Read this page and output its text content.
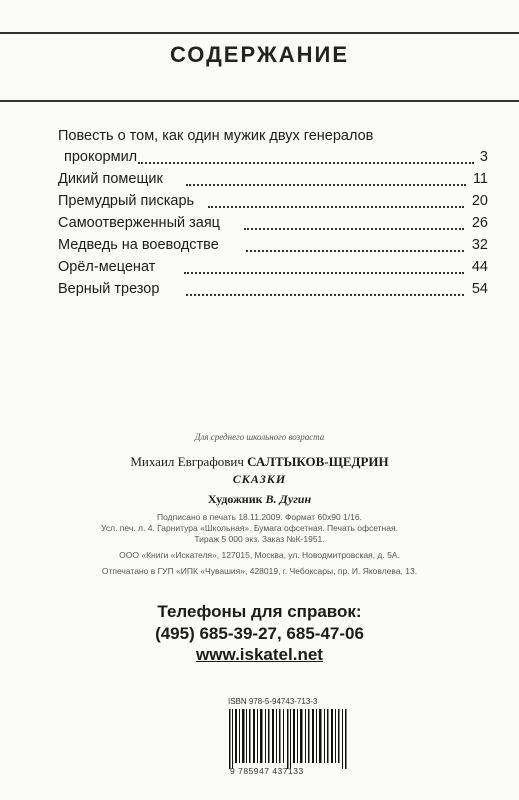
СОДЕРЖАНИЕ
Повесть о том, как один мужик двух генералов
прокормил	3
Дикий помещик	11
Премудрый пискарь	20
Самоотверженный заяц	26
Медведь на воеводстве	32
Орёл-меценат	44
Верный трезор	54
Для среднего школьного возраста
Михаил Евграфович САЛТЫКОВ-ЩЕДРИН
СКАЗКИ
Художник В. Дугин
Подписано в печать 18.11.2009. Формат 60x90 1/16.
Усл. печ. л. 4. Гарнитура «Школьная». Бумага офсетная. Печать офсетная.
Тираж 5 000 экз. Заказ №К-1951.
ООО «Книги «Искателя», 127015, Москва, ул. Новодмитровская, д. 5А.
Отпечатано в ГУП «ИПК «Чувашия», 428019, г. Чебоксары, пр. И. Яковлева, 13.
Телефоны для справок:
(495) 685-39-27, 685-47-06
www.iskatel.net
ISBN 978-5-94743-713-3
9 785947 437133
